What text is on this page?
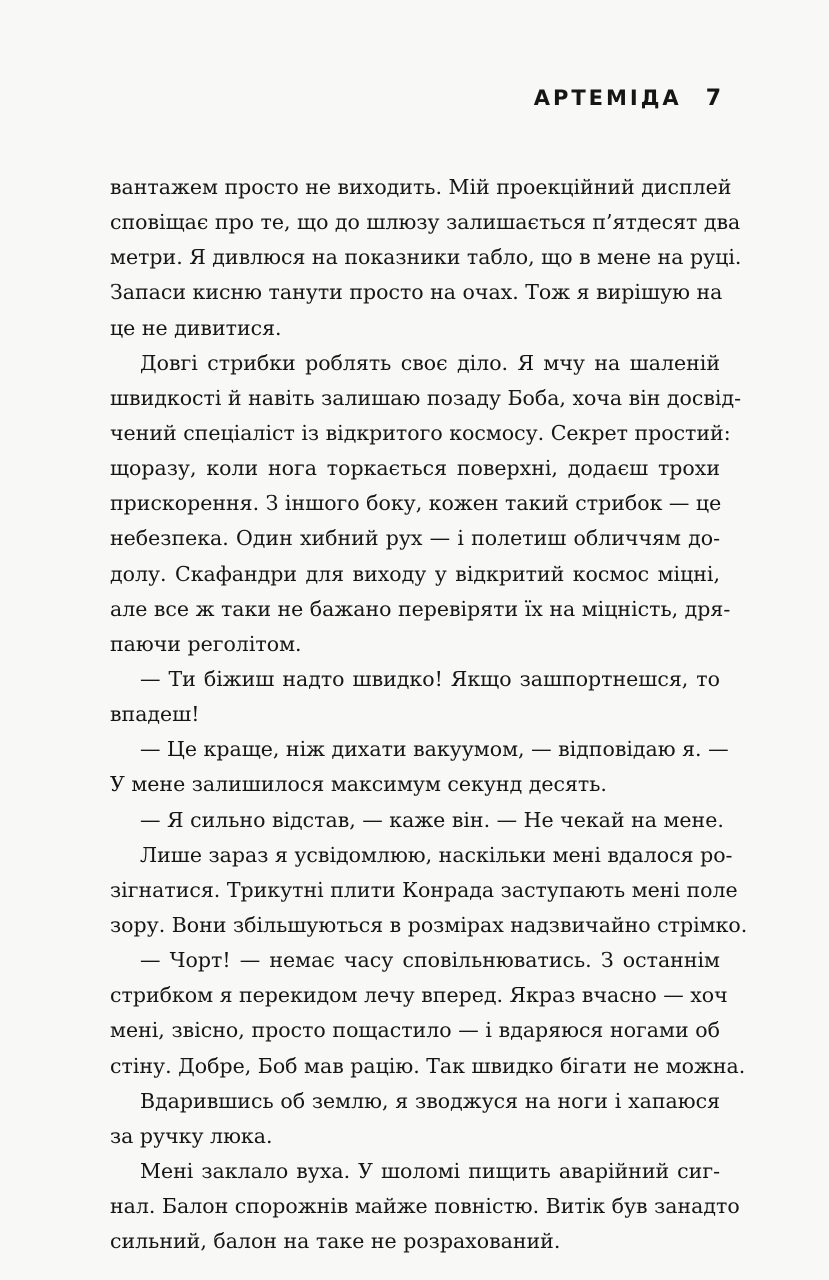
АРТЕМІДА 7
вантажем просто не виходить. Мій проекційний дисплей
сповіщає про те, що до шлюзу залишається п’ятдесят два
метри. Я дивлюся на показники табло, що в мене на руці.
Запаси кисню танути просто на очах. Тож я вирішую на
це не дивитися.
Довгі стрибки роблять своє діло. Я мчу на шаленій
швидкості й навіть залишаю позаду Боба, хоча він досвід-
чений спеціаліст із відкритого космосу. Секрет простий:
щоразу, коли нога торкається поверхні, додаєш трохи
прискорення. З іншого боку, кожен такий стрибок — це
небезпека. Один хибний рух — і полетиш обличчям до-
долу. Скафандри для виходу у відкритий космос міцні,
але все ж таки не бажано перевіряти їх на міцність, дря-
паючи реголітом.
— Ти біжиш надто швидко! Якщо зашпортнешся, то
впадеш!
— Це краще, ніж дихати вакуумом, — відповідаю я. —
У мене залишилося максимум секунд десять.
— Я сильно відстав, — каже він. — Не чекай на мене.
Лише зараз я усвідомлюю, наскільки мені вдалося ро-
зігнатися. Трикутні плити Конрада заступають мені поле
зору. Вони збільшуються в розмірах надзвичайно стрімко.
— Чорт! — немає часу сповільнюватись. З останнім
стрибком я перекидом лечу вперед. Якраз вчасно — хоч
мені, звісно, просто пощастило — і вдаряюся ногами об
стіну. Добре, Боб мав рацію. Так швидко бігати не можна.
Вдарившись об землю, я зводжуся на ноги і хапаюся
за ручку люка.
Мені заклало вуха. У шоломі пищить аварійний сиг-
нал. Балон спорожнів майже повністю. Витік був занадто
сильний, балон на таке не розрахований.
